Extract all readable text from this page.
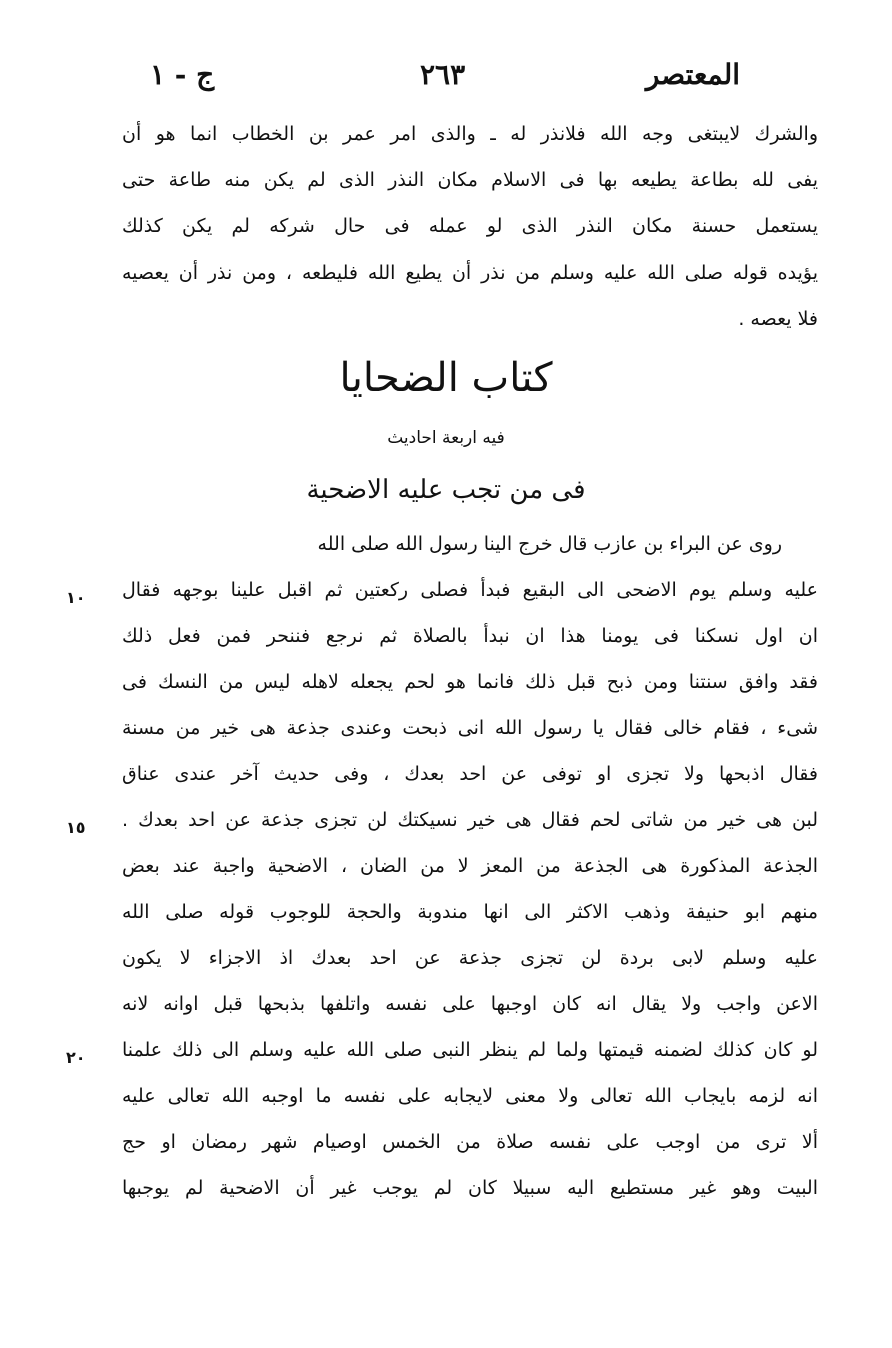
ج - ١	٢٦٣	المعتصر
والشرك لايبتغى وجه الله فلانذر له ـ والذى امر عمر بن الخطاب انما هو أن
يفى لله بطاعة يطيعه بها فى الاسلام مكان النذر الذى لم يكن منه طاعة حتى
يستعمل حسنة مكان النذر الذى لو عمله فى حال شركه لم يكن كذلك
يؤيده قوله صلى الله عليه وسلم من نذر أن يطيع الله فليطعه ، ومن نذر أن يعصيه
فلا يعصه .
كتاب الضحايا
فيه اربعة احاديث
فى من تجب عليه الاضحية
روى عن البراء بن عازب قال خرج الينا رسول الله صلى الله
عليه وسلم يوم الاضحى الى البقيع فبدأ فصلى ركعتين ثم اقبل علينا بوجهه فقال
ان اول نسكنا فى يومنا هذا ان نبدأ بالصلاة ثم نرجع فننحر فمن فعل ذلك
فقد وافق سنتنا ومن ذبح قبل ذلك فانما هو لحم يجعله لاهله ليس من النسك فى
شىء ، فقام خالى فقال يا رسول الله انى ذبحت وعندى جذعة هى خير من مسنة
فقال اذبحها ولا تجزى او توفى عن احد بعدك ، وفى حديث آخر عندى عناق
لبن هى خير من شاتى لحم فقال هى خير نسيكتك لن تجزى جذعة عن احد بعدك .
الجذعة المذكورة هى الجذعة من المعز لا من الضان ، الاضحية واجبة عند بعض
منهم ابو حنيفة وذهب الاكثر الى انها مندوبة والحجة للوجوب قوله صلى الله
عليه وسلم لابى بردة لن تجزى جذعة عن احد بعدك اذ الاجزاء لا يكون
الاعن واجب ولا يقال انه كان اوجبها على نفسه واتلفها بذبحها قبل اوانه لانه
لو كان كذلك لضمنه قيمتها ولما لم ينظر النبى صلى الله عليه وسلم الى ذلك علمنا
انه لزمه بايجاب الله تعالى ولا معنى لايجابه على نفسه ما اوجبه الله تعالى عليه
ألا ترى من اوجب على نفسه صلاة من الخمس اوصيام شهر رمضان او حج
البيت وهو غير مستطيع اليه سبيلا كان لم يوجب غير أن الاضحية لم يوجبها
١٠
١٥
٢٠
